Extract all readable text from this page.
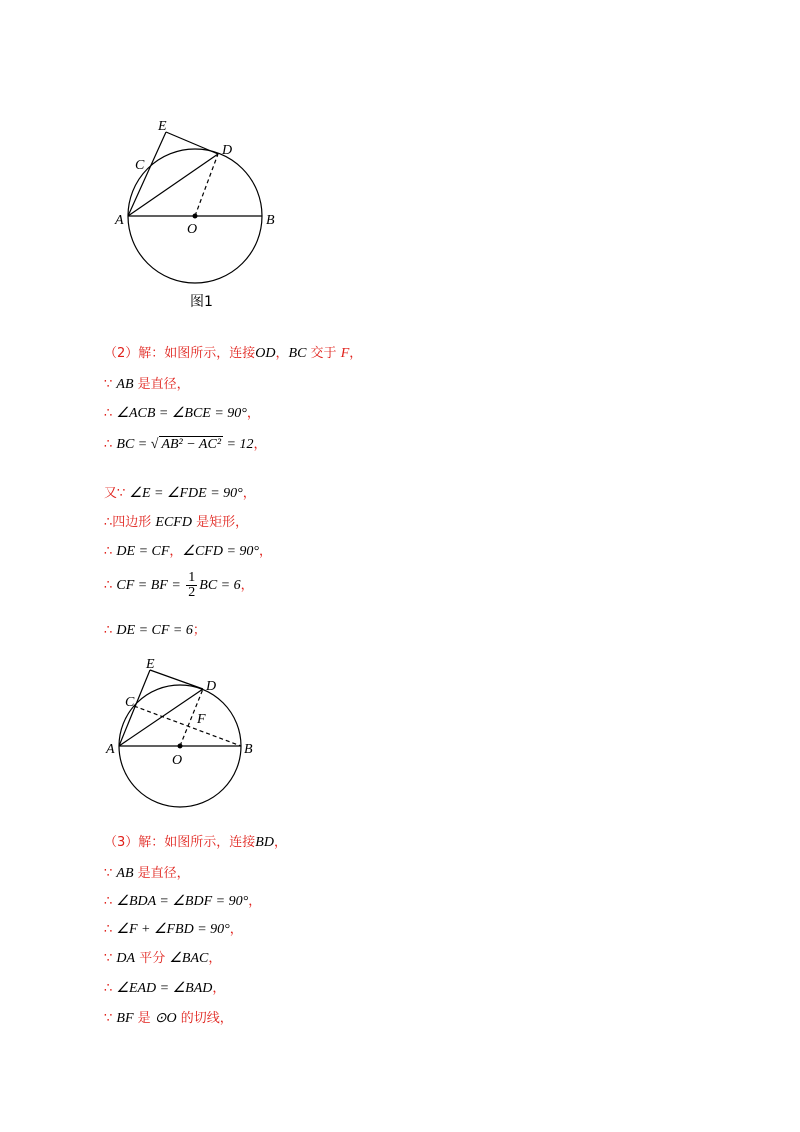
E
C
D
A
O
B
图1
（2）解：如图所示，连接OD，BC 交于 F，
∵ AB 是直径，
∴ ∠ACB = ∠BCE = 90°，
∴ BC = √ AB² − AC² = 12，
又∵ ∠E = ∠FDE = 90°，
∴四边形 ECFD 是矩形，
∴ DE = CF，∠CFD = 90°，
∴ CF = BF = $\frac{1}{2}$ BC = 6，
∴ DE = CF = 6；
E
C
D
F
A
O
B
（3）解：如图所示，连接BD，
∵ AB 是直径，
∴ ∠BDA = ∠BDF = 90°，
∴ ∠F + ∠FBD = 90°，
∵ DA 平分 ∠BAC，
∴ ∠EAD = ∠BAD，
∵ BF 是 ⊙O 的切线，
